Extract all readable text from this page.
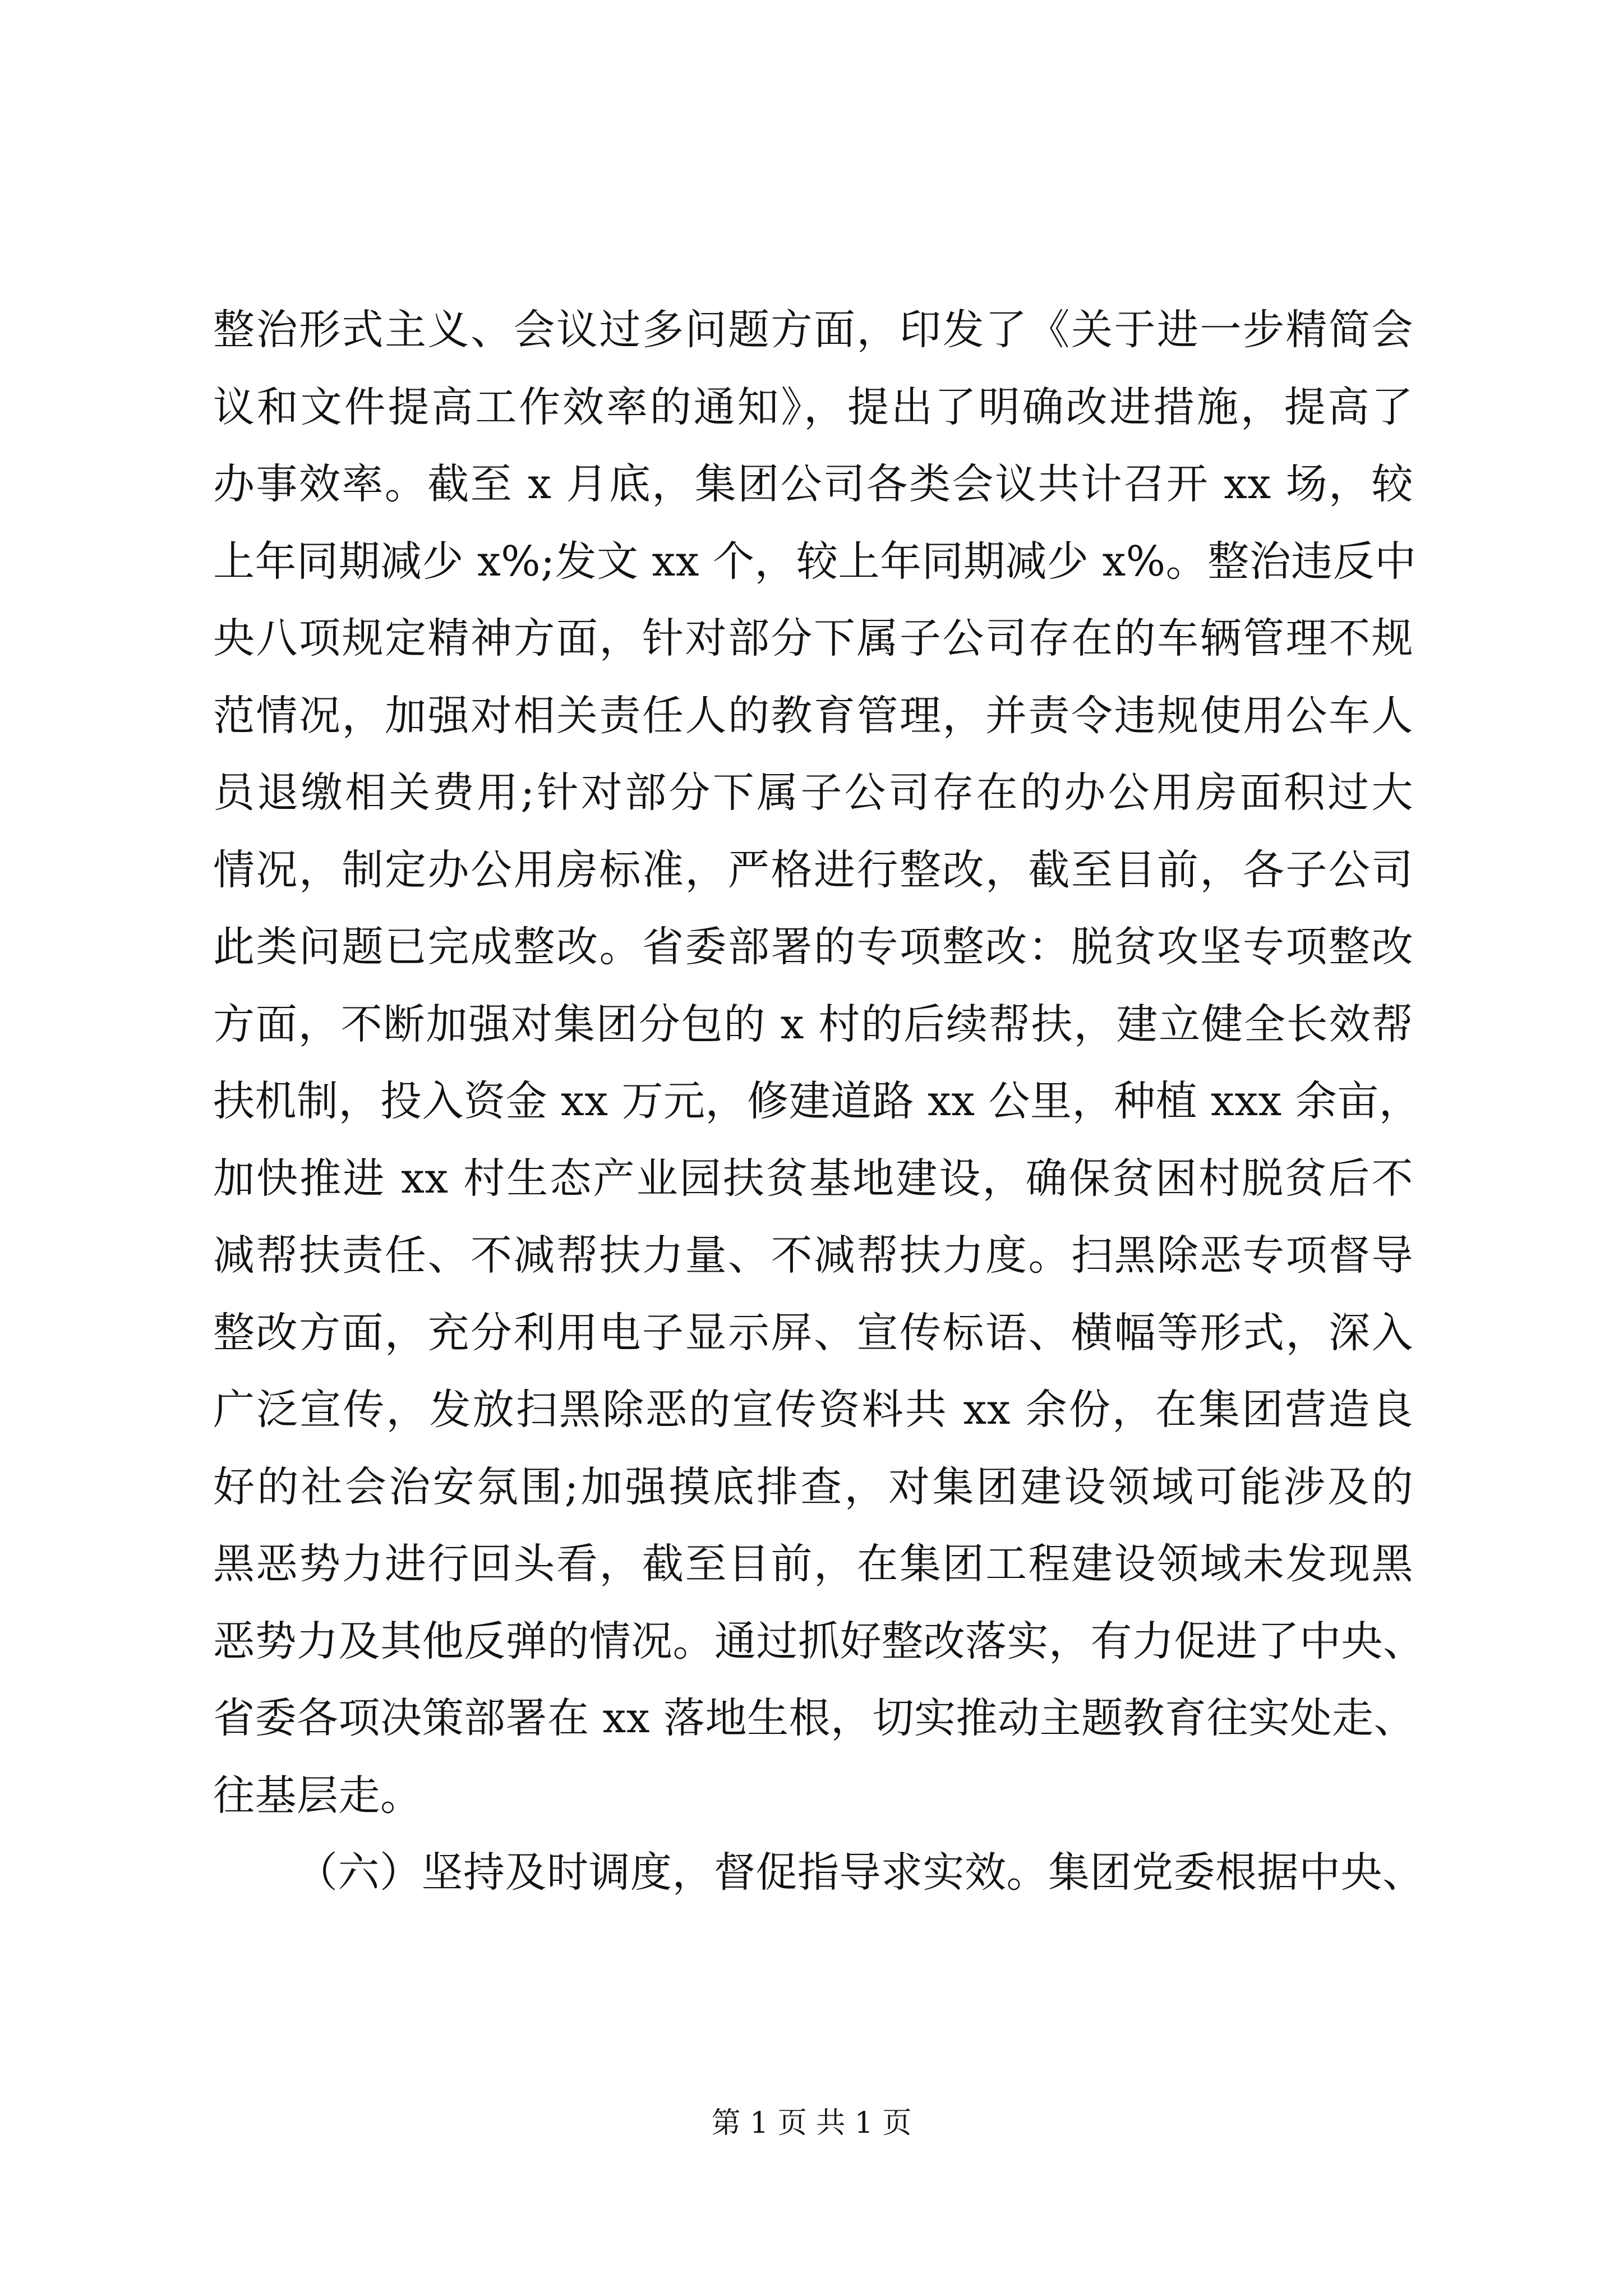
整治形式主义、会议过多问题方面，印发了《关于进一步精简会
议和文件提高工作效率的通知》，提出了明确改进措施，提高了
办事效率。截至 x 月底，集团公司各类会议共计召开 xx 场，较
上年同期减少 x%;发文 xx 个，较上年同期减少 x%。整治违反中
央八项规定精神方面，针对部分下属子公司存在的车辆管理不规
范情况，加强对相关责任人的教育管理，并责令违规使用公车人
员退缴相关费用;针对部分下属子公司存在的办公用房面积过大
情况，制定办公用房标准，严格进行整改，截至目前，各子公司
此类问题已完成整改。省委部署的专项整改：脱贫攻坚专项整改
方面，不断加强对集团分包的 x 村的后续帮扶，建立健全长效帮
扶机制，投入资金 xx 万元，修建道路 xx 公里，种植 xxx 余亩，
加快推进 xx 村生态产业园扶贫基地建设，确保贫困村脱贫后不
减帮扶责任、不减帮扶力量、不减帮扶力度。扫黑除恶专项督导
整改方面，充分利用电子显示屏、宣传标语、横幅等形式，深入
广泛宣传，发放扫黑除恶的宣传资料共 xx 余份，在集团营造良
好的社会治安氛围;加强摸底排查，对集团建设领域可能涉及的
黑恶势力进行回头看，截至目前，在集团工程建设领域未发现黑
恶势力及其他反弹的情况。通过抓好整改落实，有力促进了中央、
省委各项决策部署在 xx 落地生根，切实推动主题教育往实处走、
往基层走。
（六）坚持及时调度，督促指导求实效。集团党委根据中央、
第 1 页 共 1 页
